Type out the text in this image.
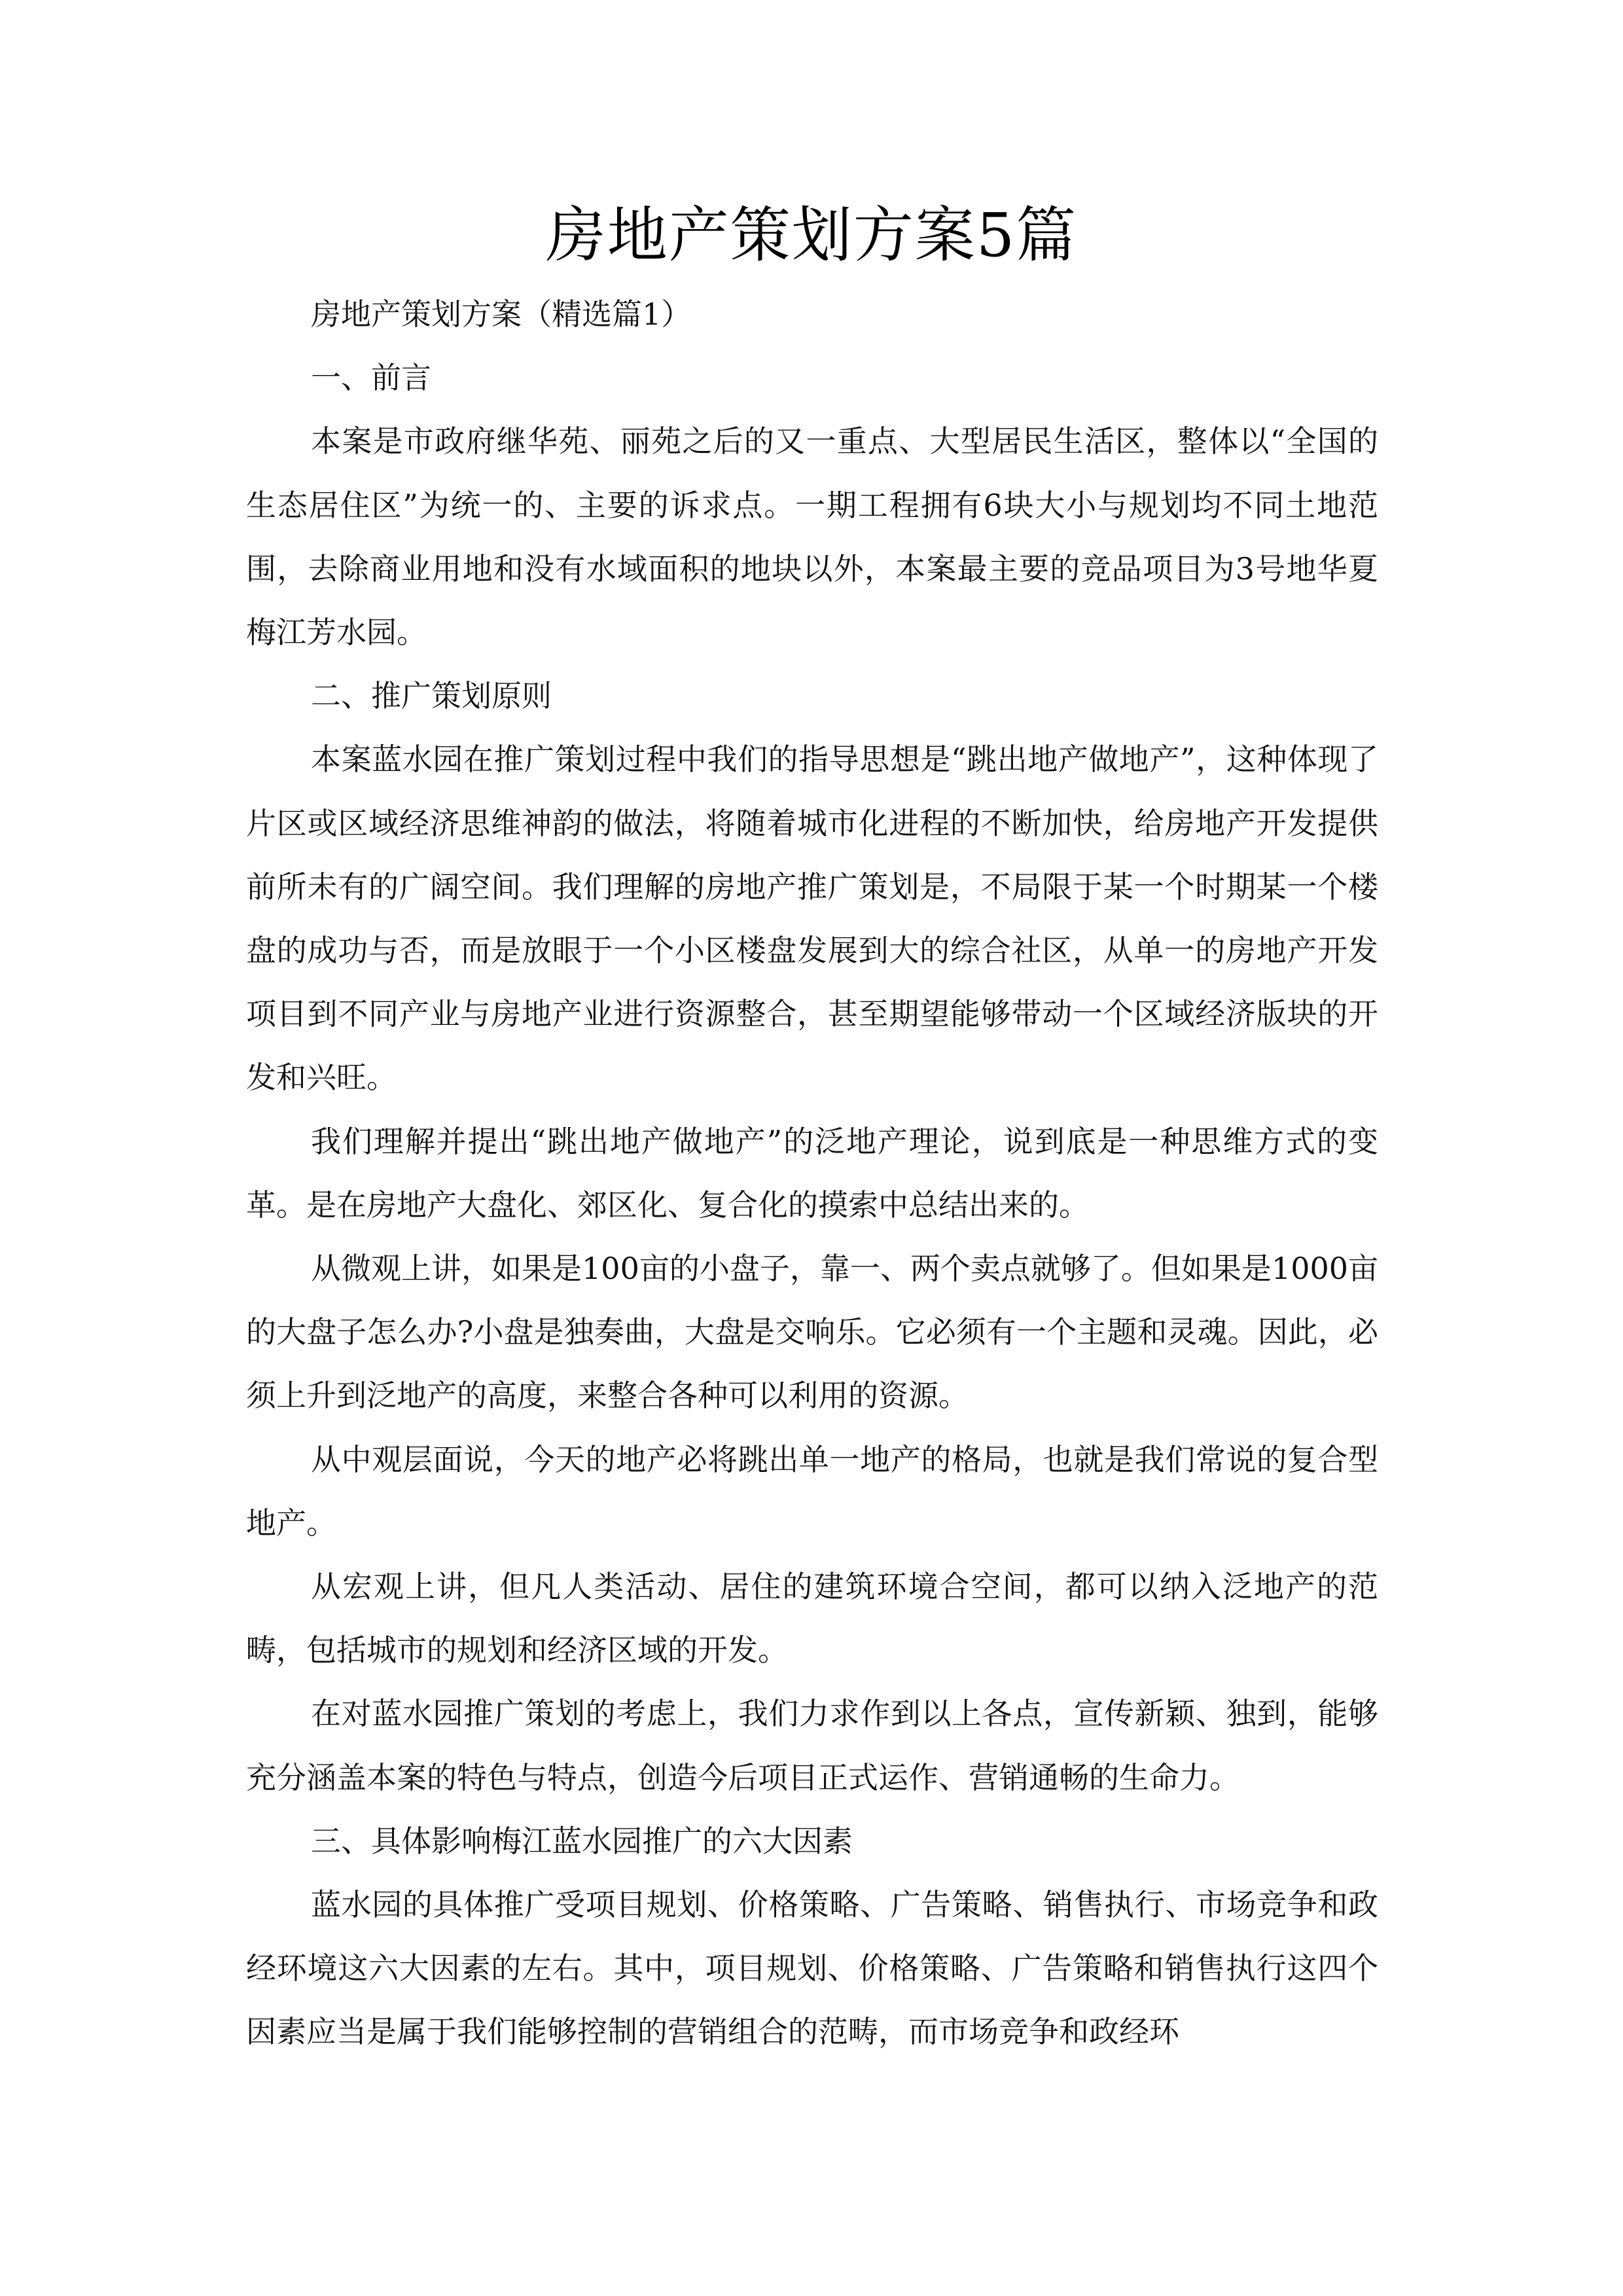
房地产策划方案5篇

房地产策划方案（精选篇1）

一、前言

本案是市政府继华苑、丽苑之后的又一重点、大型居民生活区，整体以“全国的生态居住区”为统一的、主要的诉求点。一期工程拥有6块大小与规划均不同土地范围，去除商业用地和没有水域面积的地块以外，本案最主要的竞品项目为3号地华夏梅江芳水园。

二、推广策划原则

本案蓝水园在推广策划过程中我们的指导思想是“跳出地产做地产”，这种体现了片区或区域经济思维神韵的做法，将随着城市化进程的不断加快，给房地产开发提供前所未有的广阔空间。我们理解的房地产推广策划是，不局限于某一个时期某一个楼盘的成功与否，而是放眼于一个小区楼盘发展到大的综合社区，从单一的房地产开发项目到不同产业与房地产业进行资源整合，甚至期望能够带动一个区域经济版块的开发和兴旺。

我们理解并提出“跳出地产做地产”的泛地产理论，说到底是一种思维方式的变革。是在房地产大盘化、郊区化、复合化的摸索中总结出来的。

从微观上讲，如果是100亩的小盘子，靠一、两个卖点就够了。但如果是1000亩的大盘子怎么办?小盘是独奏曲，大盘是交响乐。它必须有一个主题和灵魂。因此，必须上升到泛地产的高度，来整合各种可以利用的资源。

从中观层面说，今天的地产必将跳出单一地产的格局，也就是我们常说的复合型地产。

从宏观上讲，但凡人类活动、居住的建筑环境合空间，都可以纳入泛地产的范畴，包括城市的规划和经济区域的开发。

在对蓝水园推广策划的考虑上，我们力求作到以上各点，宣传新颖、独到，能够充分涵盖本案的特色与特点，创造今后项目正式运作、营销通畅的生命力。

三、具体影响梅江蓝水园推广的六大因素

蓝水园的具体推广受项目规划、价格策略、广告策略、销售执行、市场竞争和政经环境这六大因素的左右。其中，项目规划、价格策略、广告策略和销售执行这四个因素应当是属于我们能够控制的营销组合的范畴，而市场竞争和政经环
